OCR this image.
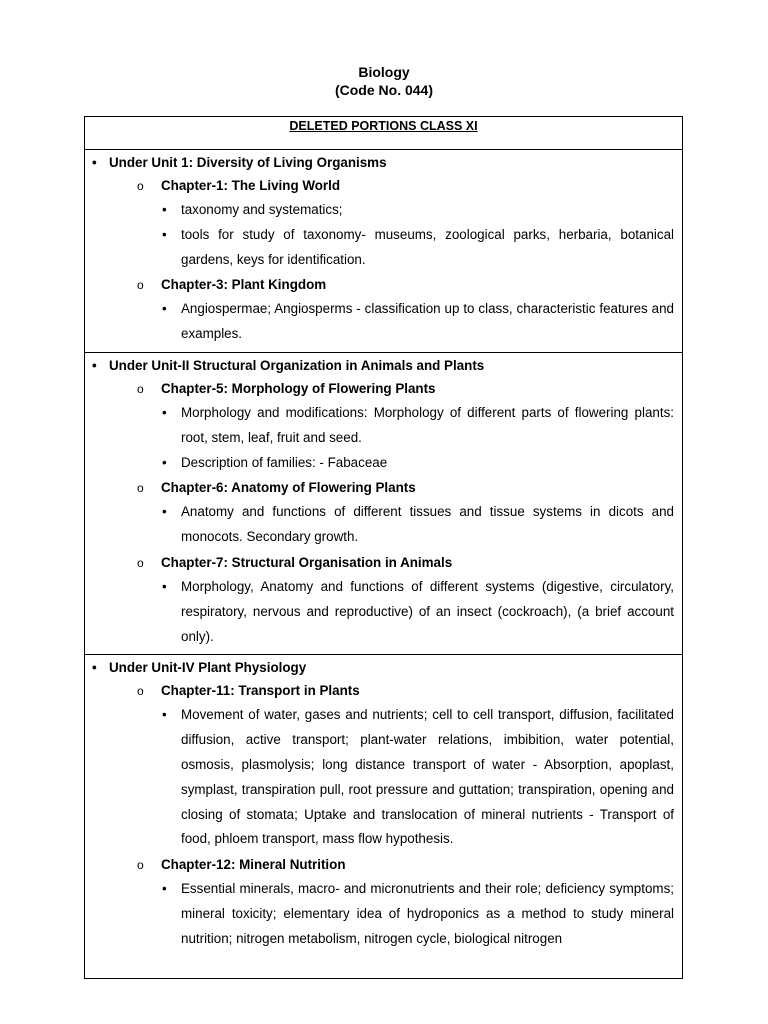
Biology
(Code No. 044)
DELETED PORTIONS CLASS XI

• Under Unit 1: Diversity of Living Organisms
o Chapter-1: The Living World
• taxonomy and systematics;
• tools for study of taxonomy- museums, zoological parks, herbaria, botanical gardens, keys for identification.
o Chapter-3: Plant Kingdom
• Angiospermae; Angiosperms - classification up to class, characteristic features and examples.

• Under Unit-II Structural Organization in Animals and Plants
o Chapter-5: Morphology of Flowering Plants
• Morphology and modifications: Morphology of different parts of flowering plants: root, stem, leaf, fruit and seed.
• Description of families: - Fabaceae
o Chapter-6: Anatomy of Flowering Plants
• Anatomy and functions of different tissues and tissue systems in dicots and monocots. Secondary growth.
o Chapter-7: Structural Organisation in Animals
• Morphology, Anatomy and functions of different systems (digestive, circulatory, respiratory, nervous and reproductive) of an insect (cockroach), (a brief account only).

• Under Unit-IV Plant Physiology
o Chapter-11: Transport in Plants
• Movement of water, gases and nutrients; cell to cell transport, diffusion, facilitated diffusion, active transport; plant-water relations, imbibition, water potential, osmosis, plasmolysis; long distance transport of water - Absorption, apoplast, symplast, transpiration pull, root pressure and guttation; transpiration, opening and closing of stomata; Uptake and translocation of mineral nutrients - Transport of food, phloem transport, mass flow hypothesis.
o Chapter-12: Mineral Nutrition
• Essential minerals, macro- and micronutrients and their role; deficiency symptoms; mineral toxicity; elementary idea of hydroponics as a method to study mineral nutrition; nitrogen metabolism, nitrogen cycle, biological nitrogen
